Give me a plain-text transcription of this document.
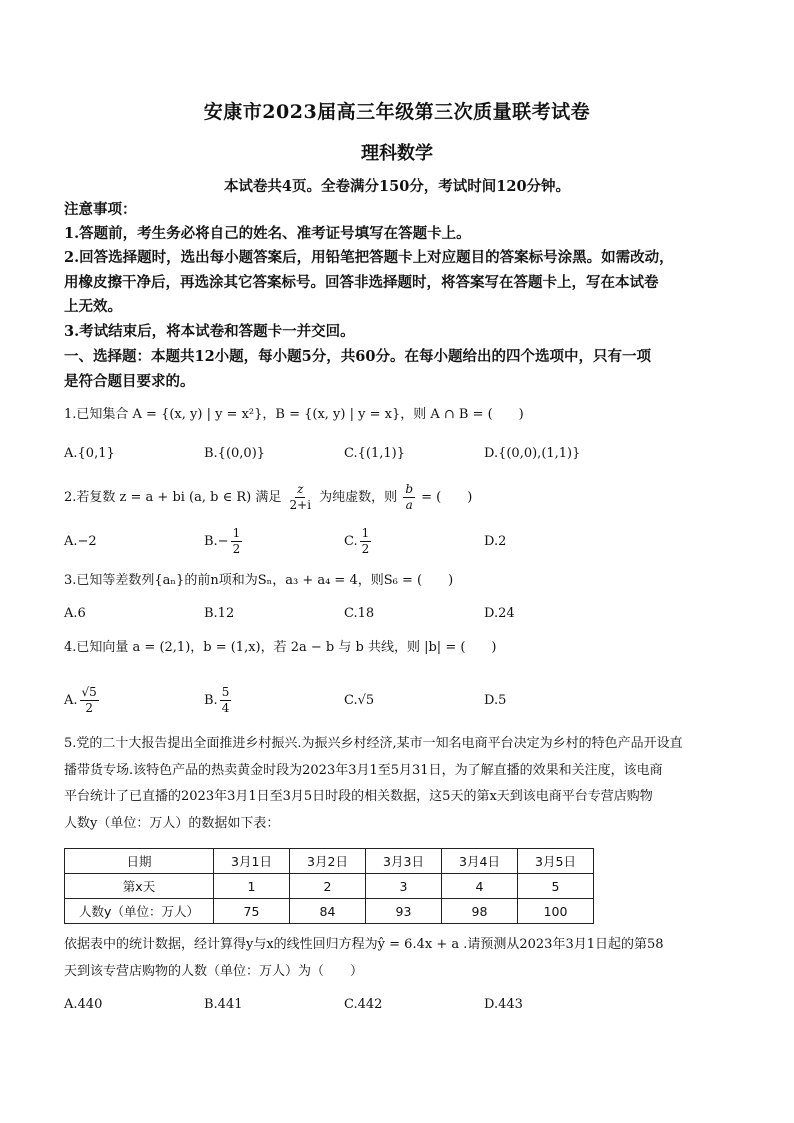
安康市2023届高三年级第三次质量联考试卷
理科数学
本试卷共4页。全卷满分150分，考试时间120分钟。
注意事项：
1.答题前，考生务必将自己的姓名、准考证号填写在答题卡上。
2.回答选择题时，选出每小题答案后，用铅笔把答题卡上对应题目的答案标号涂黑。如需改动，
用橡皮擦干净后，再选涂其它答案标号。回答非选择题时，将答案写在答题卡上，写在本试卷
上无效。
3.考试结束后，将本试卷和答题卡一并交回。
一、选择题：本题共12小题，每小题5分，共60分。在每小题给出的四个选项中，只有一项
是符合题目要求的。
1.已知集合 A = {(x, y) | y = x²}，B = {(x, y) | y = x}，则 A ∩ B = (　　)
A.{0,1}	B.{(0,0)}	C.{(1,1)}	D.{(0,0),(1,1)}
2.若复数 z = a + bi (a, b ∈ R) 满足 $\frac{z}{2+i}$ 为纯虚数，则 $\frac{b}{a}$ = (　　)
A.−2	$B.- \frac{1}{2}$	C. $\frac{1}{2}$	D.2
3.已知等差数列{aₙ}的前n项和为Sₙ，a₃ + a₄ = 4，则S₆ = (　　)
A.6	B.12	C.18	D.24
4.已知向量 a = (2,1)，b = (1,x)，若 2a − b 与 b 共线，则 |b| = (　　)
A. $\frac{√5}{2}$	B. $\frac{5}{4}$	C.√5	D.5
5.党的二十大报告提出全面推进乡村振兴.为振兴乡村经济,某市一知名电商平台决定为乡村的特色产品开设直
播带货专场.该特色产品的热卖黄金时段为2023年3月1至5月31日，为了解直播的效果和关注度，该电商
平台统计了已直播的2023年3月1日至3月5日时段的相关数据，这5天的第x天到该电商平台专营店购物
人数y（单位：万人）的数据如下表：
日期	3月1日	3月2日	3月3日	3月4日	3月5日
第x天	1	2	3	4	5
人数y（单位：万人）	75	84	93	98	100
依据表中的统计数据，经计算得y与x的线性回归方程为ŷ = 6.4x + a .请预测从2023年3月1日起的第58
天到该专营店购物的人数（单位：万人）为（　　）
A.440	B.441	C.442	D.443
